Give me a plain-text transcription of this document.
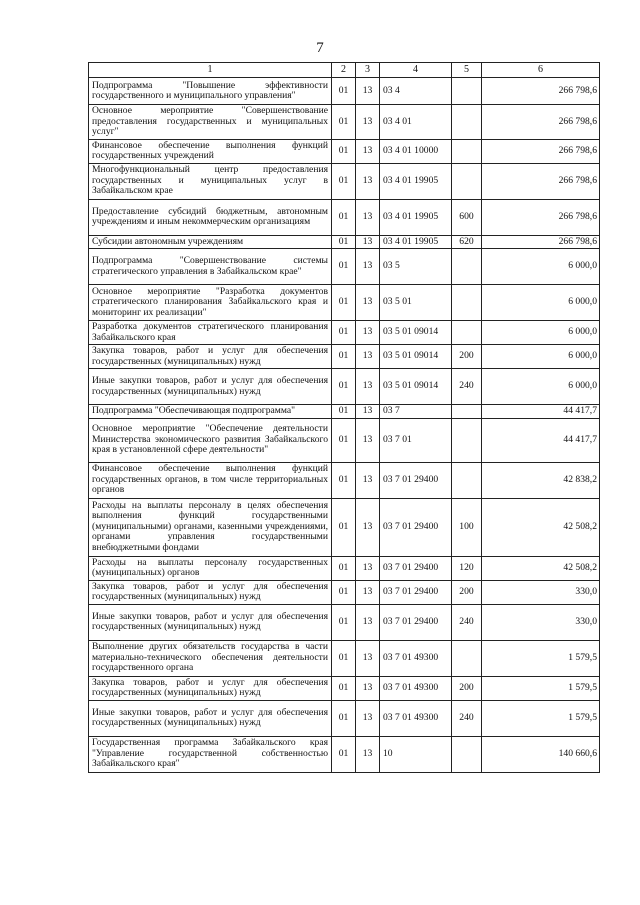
7
1	2	3	4	5	6
Подпрограмма "Повышение эффективности государственного и муниципального управления"	01	13	03 4		266 798,6
Основное мероприятие "Совершенствование предоставления государственных и муниципальных услуг"	01	13	03 4 01		266 798,6
Финансовое обеспечение выполнения функций государственных учреждений	01	13	03 4 01 10000		266 798,6
Многофункциональный центр предоставления государственных и муниципальных услуг в Забайкальском крае	01	13	03 4 01 19905		266 798,6
Предоставление субсидий бюджетным, автономным учреждениям и иным некоммерческим организациям	01	13	03 4 01 19905	600	266 798,6
Субсидии автономным учреждениям	01	13	03 4 01 19905	620	266 798,6
Подпрограмма "Совершенствование системы стратегического управления в Забайкальском крае"	01	13	03 5		6 000,0
Основное мероприятие "Разработка документов стратегического планирования Забайкальского края и мониторинг их реализации"	01	13	03 5 01		6 000,0
Разработка документов стратегического планирования Забайкальского края	01	13	03 5 01 09014		6 000,0
Закупка товаров, работ и услуг для обеспечения государственных (муниципальных) нужд	01	13	03 5 01 09014	200	6 000,0
Иные закупки товаров, работ и услуг для обеспечения государственных (муниципальных) нужд	01	13	03 5 01 09014	240	6 000,0
Подпрограмма "Обеспечивающая подпрограмма"	01	13	03 7		44 417,7
Основное мероприятие "Обеспечение деятельности Министерства экономического развития Забайкальского края в установленной сфере деятельности"	01	13	03 7 01		44 417,7
Финансовое обеспечение выполнения функций государственных органов, в том числе территориальных органов	01	13	03 7 01 29400		42 838,2
Расходы на выплаты персоналу в целях обеспечения выполнения функций государственными (муниципальными) органами, казенными учреждениями, органами управления государственными внебюджетными фондами	01	13	03 7 01 29400	100	42 508,2
Расходы на выплаты персоналу государственных (муниципальных) органов	01	13	03 7 01 29400	120	42 508,2
Закупка товаров, работ и услуг для обеспечения государственных (муниципальных) нужд	01	13	03 7 01 29400	200	330,0
Иные закупки товаров, работ и услуг для обеспечения государственных (муниципальных) нужд	01	13	03 7 01 29400	240	330,0
Выполнение других обязательств государства в части материально-технического обеспечения деятельности государственного органа	01	13	03 7 01 49300		1 579,5
Закупка товаров, работ и услуг для обеспечения государственных (муниципальных) нужд	01	13	03 7 01 49300	200	1 579,5
Иные закупки товаров, работ и услуг для обеспечения государственных (муниципальных) нужд	01	13	03 7 01 49300	240	1 579,5
Государственная программа Забайкальского края "Управление государственной собственностью Забайкальского края"	01	13	10		140 660,6
